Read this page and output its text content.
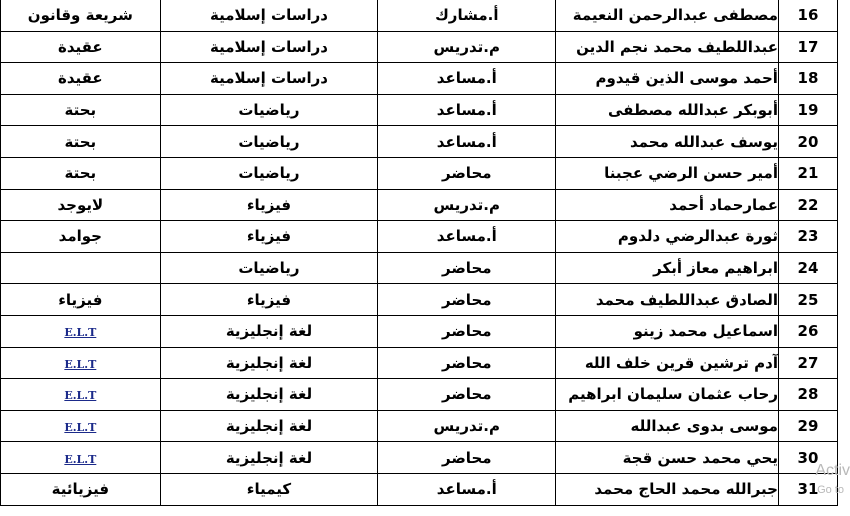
شريعة وقانون	دراسات إسلامية	أ.مشارك	مصطفى عبدالرحمن النعيمة	16
عقيدة	دراسات إسلامية	م.تدريس	عبداللطيف محمد نجم الدين	17
عقيدة	دراسات إسلامية	أ.مساعد	أحمد موسى الذين قيدوم	18
بحتة	رياضيات	أ.مساعد	أبوبكر عبدالله مصطفى	19
بحتة	رياضيات	أ.مساعد	يوسف عبدالله محمد	20
بحتة	رياضيات	محاضر	أمير حسن الرضي عجبنا	21
لايوجد	فيزياء	م.تدريس	عمارحماد أحمد	22
جوامد	فيزياء	أ.مساعد	ثورة عبدالرضي دلدوم	23
	رياضيات	محاضر	ابراهيم معاز أبكر	24
فيزياء	فيزياء	محاضر	الصادق عبداللطيف محمد	25
E.L.T	لغة إنجليزية	محاضر	اسماعيل محمد زينو	26
E.L.T	لغة إنجليزية	محاضر	آدم ترشين قرين خلف الله	27
E.L.T	لغة إنجليزية	محاضر	رحاب عثمان سليمان ابراهيم	28
E.L.T	لغة إنجليزية	م.تدريس	موسى بدوى عبدالله	29
E.L.T	لغة إنجليزية	محاضر	يحي محمد حسن قجة	30
فيزيائية	كيمياء	أ.مساعد	جبرالله محمد الحاج محمد	31
Activ
Go to
